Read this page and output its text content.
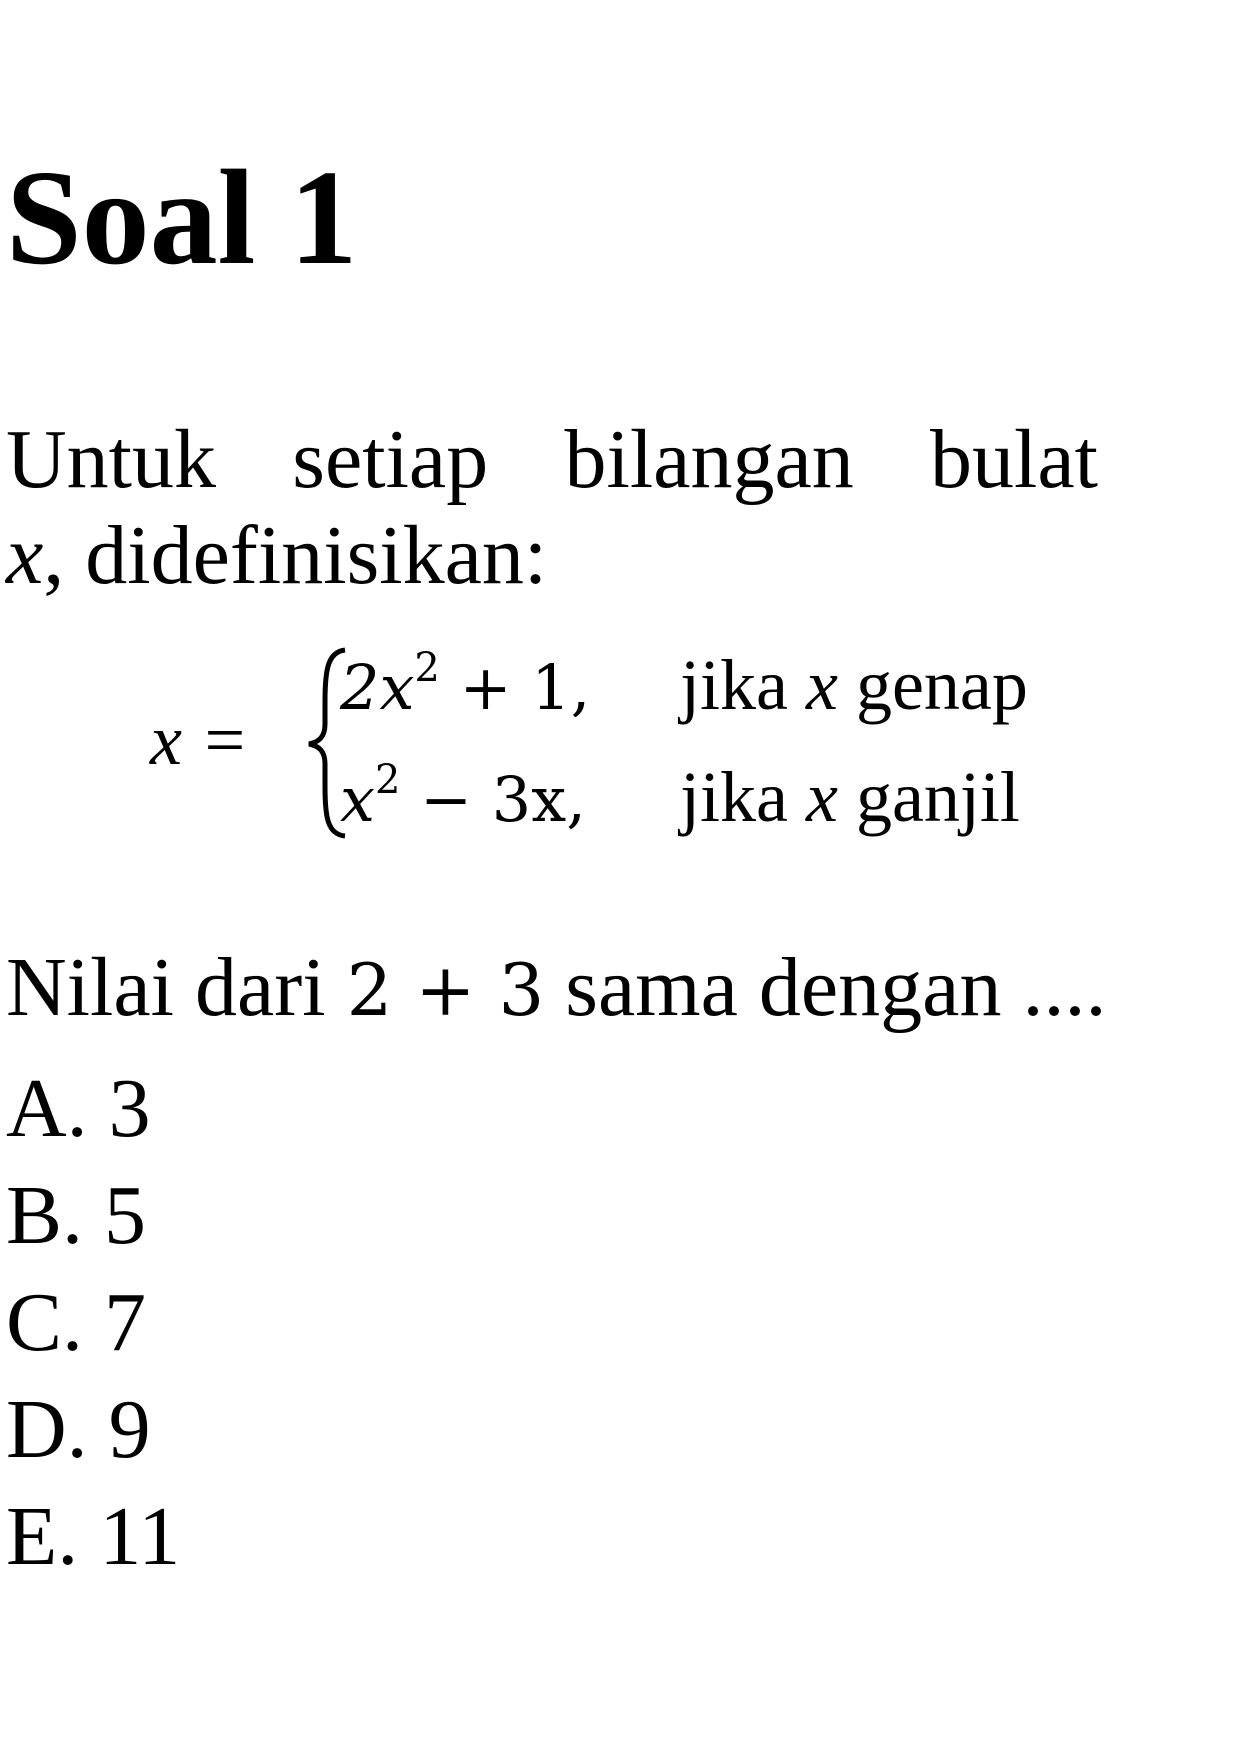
Soal 1
Untuk setiap bilangan bulat
x, didefinisikan:
x =
$2x^2 + 1$, jika x genap
$x^2 - 3x$, jika x ganjil
Nilai dari 2 + 3 sama dengan ....
A. 3
B. 5
C. 7
D. 9
E. 11
